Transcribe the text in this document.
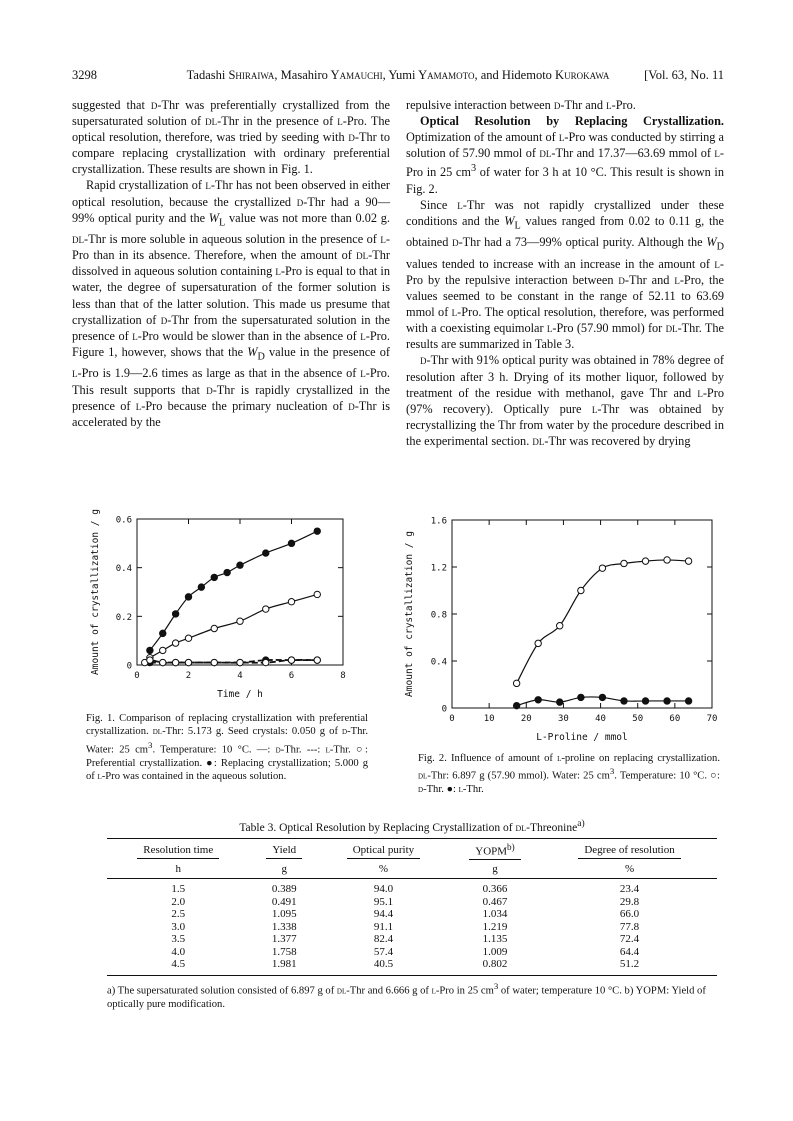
3298	Tadashi Shiraiwa, Masahiro Yamauchi, Yumi Yamamoto, and Hidemoto Kurokawa	[Vol. 63, No. 11

suggested that d-Thr was preferentially crystallized from the supersaturated solution of dl-Thr in the presence of l-Pro. The optical resolution, therefore, was tried by seeding with d-Thr to compare replacing crystallization with ordinary preferential crystallization. These results are shown in Fig. 1.

Rapid crystallization of l-Thr has not been observed in either optical resolution, because the crystallized d-Thr had a 90—99% optical purity and the $W_L$ value was not more than 0.02 g. dl-Thr is more soluble in aqueous solution in the presence of l-Pro than in its absence. Therefore, when the amount of dl-Thr dissolved in aqueous solution containing l-Pro is equal to that in water, the degree of supersaturation of the former solution is less than that of the latter solution. This made us presume that crystallization of d-Thr from the supersaturated solution in the presence of l-Pro would be slower than in the absence of l-Pro. Figure 1, however, shows that the $W_D$ value in the presence of l-Pro is 1.9—2.6 times as large as that in the absence of l-Pro. This result supports that d-Thr is rapidly crystallized in the presence of l-Pro because the primary nucleation of d-Thr is accelerated by the

repulsive interaction between d-Thr and l-Pro.

Optical Resolution by Replacing Crystallization. Optimization of the amount of l-Pro was conducted by stirring a solution of 57.90 mmol of dl-Thr and 17.37—63.69 mmol of l-Pro in 25 $cm^3$ of water for 3 h at 10 °C. This result is shown in Fig. 2.

Since l-Thr was not rapidly crystallized under these conditions and the $W_L$ values ranged from 0.02 to 0.11 g, the obtained d-Thr had a 73—99% optical purity. Although the $W_D$ values tended to increase with an increase in the amount of l-Pro by the repulsive interaction between d-Thr and l-Pro, the values seemed to be constant in the range of 52.11 to 63.69 mmol of l-Pro. The optical resolution, therefore, was performed with a coexisting equimolar l-Pro (57.90 mmol) for dl-Thr. The results are summarized in Table 3.

d-Thr with 91% optical purity was obtained in 78% degree of resolution after 3 h. Drying of its mother liquor, followed by treatment of the residue with methanol, gave Thr and l-Pro (97% recovery). Optically pure l-Thr was obtained by recrystallizing the Thr from water by the procedure described in the experimental section. dl-Thr was recovered by drying

0
0.2
0.4
0.6
0	2	4	6	8
Time / h
Amount of crystallization / g
Fig. 1. Comparison of replacing crystallization with preferential crystallization. dl-Thr: 5.173 g. Seed crystals: 0.050 g of d-Thr. Water: 25 $cm^3$. Temperature: 10 °C. —: d-Thr. ---: l-Thr. ○: Preferential crystallization. ●: Replacing crystallization; 5.000 g of l-Pro was contained in the aqueous solution.
0
0.4
0.8
1.2
1.6
0	10	20	30	40	50	60	70
L-Proline / mmol
Amount of crystallization / g
Fig. 2. Influence of amount of l-proline on replacing crystallization. dl-Thr: 6.897 g (57.90 mmol). Water: 25 $cm^3$. Temperature: 10 °C. ○: d-Thr. ●: l-Thr.
Table 3. Optical Resolution by Replacing Crystallization of dl-Threonine$^{a)}$
Resolution time	Yield	Optical purity	YOPM$^{b)}$	Degree of resolution
h	g	%	g	%
1.5	0.389	94.0	0.366	23.4
2.0	0.491	95.1	0.467	29.8
2.5	1.095	94.4	1.034	66.0
3.0	1.338	91.1	1.219	77.8
3.5	1.377	82.4	1.135	72.4
4.0	1.758	57.4	1.009	64.4
4.5	1.981	40.5	0.802	51.2
a) The supersaturated solution consisted of 6.897 g of dl-Thr and 6.666 g of l-Pro in 25 $cm^3$ of water; temperature 10 °C. b) YOPM: Yield of optically pure modification.
